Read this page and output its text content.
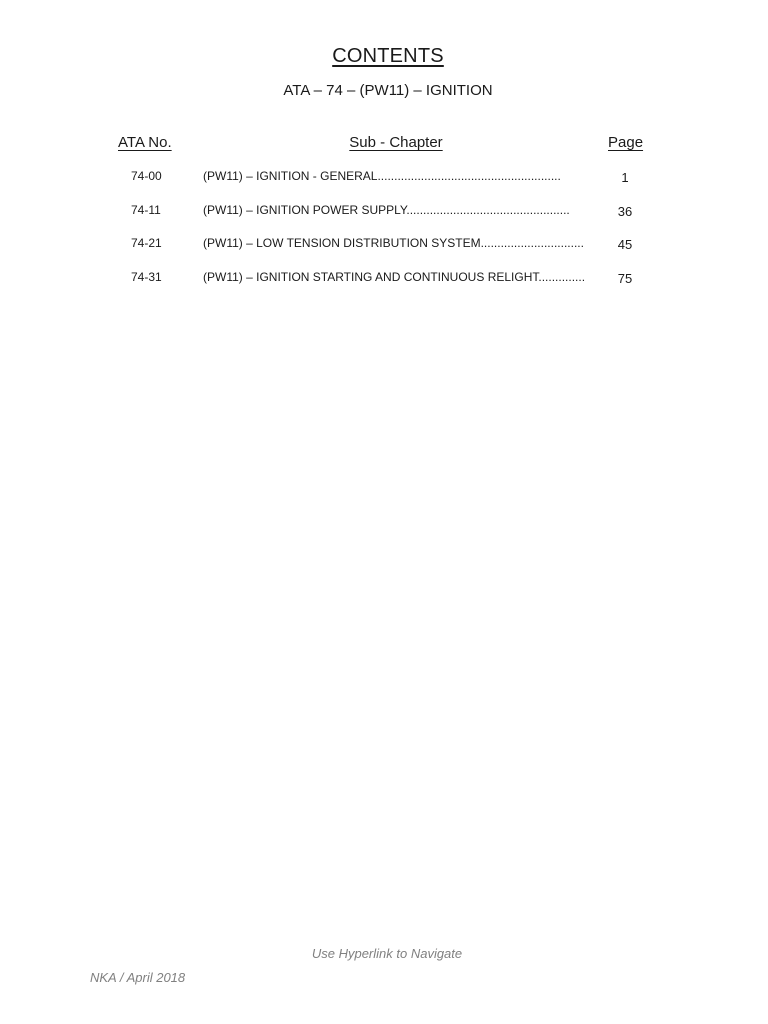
CONTENTS
ATA – 74 – (PW11) – IGNITION
ATA No.	Sub - Chapter	Page
74-00	(PW11) – IGNITION - GENERAL.......................................................	1
74-11	(PW11) – IGNITION POWER SUPPLY.................................................	36
74-21	(PW11) – LOW TENSION DISTRIBUTION SYSTEM...............................	45
74-31	(PW11) – IGNITION STARTING AND CONTINUOUS RELIGHT..............	75
Use Hyperlink to Navigate
NKA / April 2018
